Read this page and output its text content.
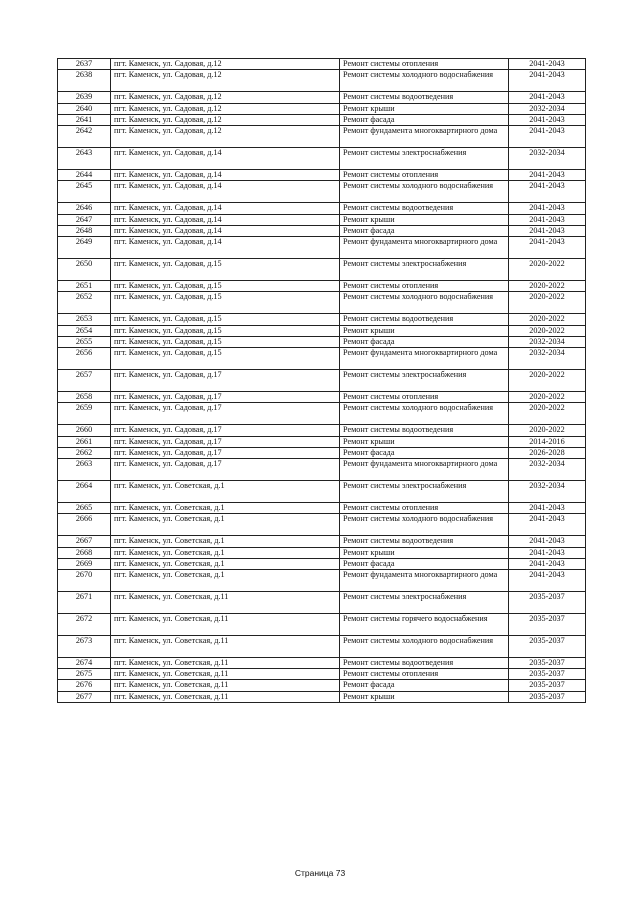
2637	пгт. Каменск, ул. Садовая, д.12	Ремонт системы отопления	2041-2043
2638	пгт. Каменск, ул. Садовая, д.12	Ремонт системы холодного водоснабжения	2041-2043
2639	пгт. Каменск, ул. Садовая, д.12	Ремонт системы водоотведения	2041-2043
2640	пгт. Каменск, ул. Садовая, д.12	Ремонт крыши	2032-2034
2641	пгт. Каменск, ул. Садовая, д.12	Ремонт фасада	2041-2043
2642	пгт. Каменск, ул. Садовая, д.12	Ремонт фундамента многоквартирного дома	2041-2043
2643	пгт. Каменск, ул. Садовая, д.14	Ремонт системы электроснабжения	2032-2034
2644	пгт. Каменск, ул. Садовая, д.14	Ремонт системы отопления	2041-2043
2645	пгт. Каменск, ул. Садовая, д.14	Ремонт системы холодного водоснабжения	2041-2043
2646	пгт. Каменск, ул. Садовая, д.14	Ремонт системы водоотведения	2041-2043
2647	пгт. Каменск, ул. Садовая, д.14	Ремонт крыши	2041-2043
2648	пгт. Каменск, ул. Садовая, д.14	Ремонт фасада	2041-2043
2649	пгт. Каменск, ул. Садовая, д.14	Ремонт фундамента многоквартирного дома	2041-2043
2650	пгт. Каменск, ул. Садовая, д.15	Ремонт системы электроснабжения	2020-2022
2651	пгт. Каменск, ул. Садовая, д.15	Ремонт системы отопления	2020-2022
2652	пгт. Каменск, ул. Садовая, д.15	Ремонт системы холодного водоснабжения	2020-2022
2653	пгт. Каменск, ул. Садовая, д.15	Ремонт системы водоотведения	2020-2022
2654	пгт. Каменск, ул. Садовая, д.15	Ремонт крыши	2020-2022
2655	пгт. Каменск, ул. Садовая, д.15	Ремонт фасада	2032-2034
2656	пгт. Каменск, ул. Садовая, д.15	Ремонт фундамента многоквартирного дома	2032-2034
2657	пгт. Каменск, ул. Садовая, д.17	Ремонт системы электроснабжения	2020-2022
2658	пгт. Каменск, ул. Садовая, д.17	Ремонт системы отопления	2020-2022
2659	пгт. Каменск, ул. Садовая, д.17	Ремонт системы холодного водоснабжения	2020-2022
2660	пгт. Каменск, ул. Садовая, д.17	Ремонт системы водоотведения	2020-2022
2661	пгт. Каменск, ул. Садовая, д.17	Ремонт крыши	2014-2016
2662	пгт. Каменск, ул. Садовая, д.17	Ремонт фасада	2026-2028
2663	пгт. Каменск, ул. Садовая, д.17	Ремонт фундамента многоквартирного дома	2032-2034
2664	пгт. Каменск, ул. Советская, д.1	Ремонт системы электроснабжения	2032-2034
2665	пгт. Каменск, ул. Советская, д.1	Ремонт системы отопления	2041-2043
2666	пгт. Каменск, ул. Советская, д.1	Ремонт системы холодного водоснабжения	2041-2043
2667	пгт. Каменск, ул. Советская, д.1	Ремонт системы водоотведения	2041-2043
2668	пгт. Каменск, ул. Советская, д.1	Ремонт крыши	2041-2043
2669	пгт. Каменск, ул. Советская, д.1	Ремонт фасада	2041-2043
2670	пгт. Каменск, ул. Советская, д.1	Ремонт фундамента многоквартирного дома	2041-2043
2671	пгт. Каменск, ул. Советская, д.11	Ремонт системы электроснабжения	2035-2037
2672	пгт. Каменск, ул. Советская, д.11	Ремонт системы горячего водоснабжения	2035-2037
2673	пгт. Каменск, ул. Советская, д.11	Ремонт системы холодного водоснабжения	2035-2037
2674	пгт. Каменск, ул. Советская, д.11	Ремонт системы водоотведения	2035-2037
2675	пгт. Каменск, ул. Советская, д.11	Ремонт системы отопления	2035-2037
2676	пгт. Каменск, ул. Советская, д.11	Ремонт фасада	2035-2037
2677	пгт. Каменск, ул. Советская, д.11	Ремонт крыши	2035-2037
Страница 73
